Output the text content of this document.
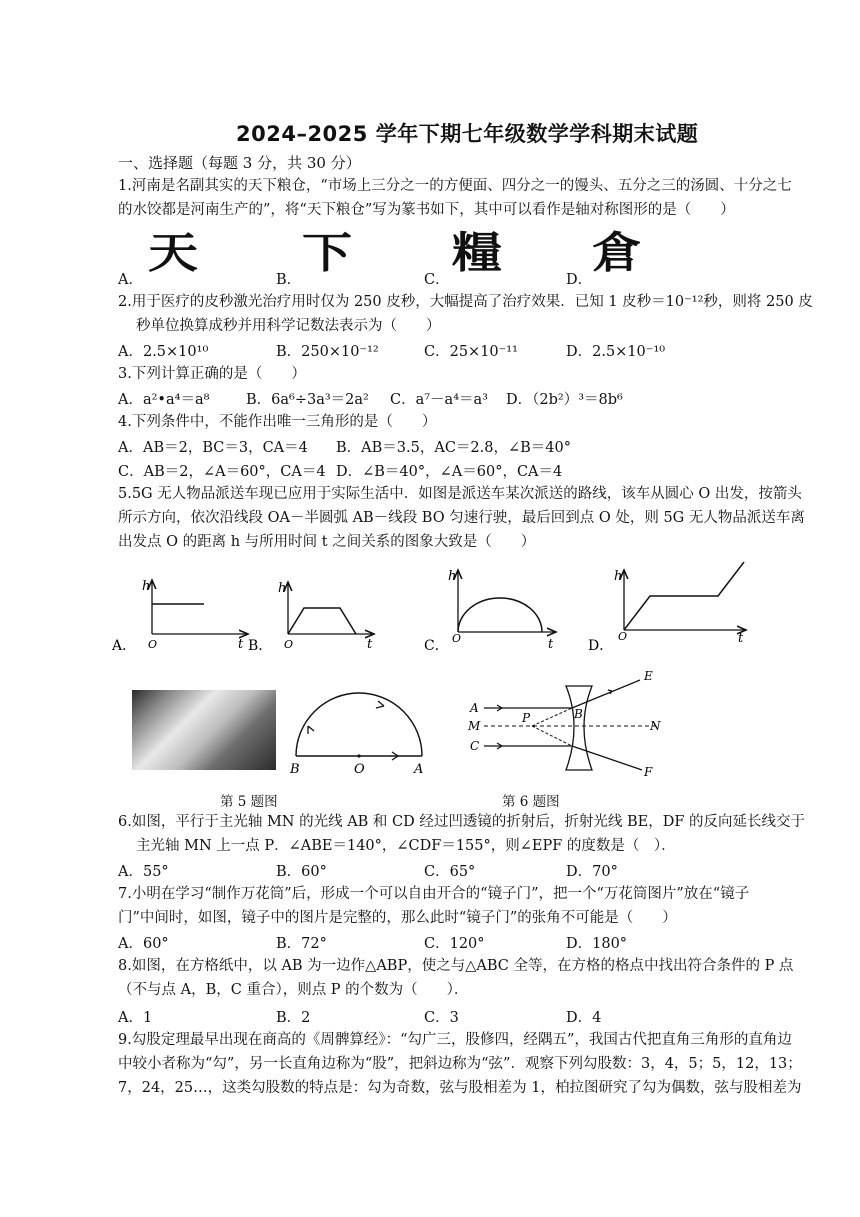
2024–2025 学年下期七年级数学学科期末试题
一、选择题（每题 3 分，共 30 分）
1.河南是名副其实的天下粮仓，“市场上三分之一的方便面、四分之一的馒头、五分之三的汤圆、十分之七
的水饺都是河南生产的”，将“天下粮仓”写为篆书如下，其中可以看作是轴对称图形的是（　　）
A．
天
B．
下
C．
糧
D．
倉
2.用于医疗的皮秒激光治疗用时仅为 250 皮秒，大幅提高了治疗效果．已知 1 皮秒＝10⁻¹²秒，则将 250 皮
秒单位换算成秒并用科学记数法表示为（　　）
A．2.5×10¹⁰	B．250×10⁻¹²	C．25×10⁻¹¹	D．2.5×10⁻¹⁰
3.下列计算正确的是（　　）
A．a²•a⁴＝a⁸	B．6a⁶÷3a³＝2a² C．a⁷－a⁴＝a³ D．（2b²）³＝8b⁶
4.下列条件中，不能作出唯一三角形的是（　　）
A．AB＝2，BC＝3，CA＝4 B．AB＝3.5，AC＝2.8，∠B＝40°
C．AB＝2，∠A＝60°，CA＝4 D．∠B＝40°，∠A＝60°，CA＝4
5.5G 无人物品派送车现已应用于实际生活中．如图是派送车某次派送的路线，该车从圆心 O 出发，按箭头
所示方向，依次沿线段 OA－半圆弧 AB－线段 BO 匀速行驶，最后回到点 O 处，则 5G 无人物品派送车离
出发点 O 的距离 h 与所用时间 t 之间关系的图象大致是（　　）
h
O	t
A．
h
O	t
B．
h
O	t
C．
h
O	t
D．
B	O	A
第 5 题图
A
M
C
P	B
E
N
F
第 6 题图
6.如图，平行于主光轴 MN 的光线 AB 和 CD 经过凹透镜的折射后，折射光线 BE，DF 的反向延长线交于
主光轴 MN 上一点 P．∠ABE＝140°，∠CDF＝155°，则∠EPF 的度数是（　）．
A．55°	B．60°	C．65°	D．70°
7.小明在学习“制作万花筒”后，形成一个可以自由开合的“镜子门”，把一个“万花筒图片”放在“镜子
门”中间时，如图，镜子中的图片是完整的，那么此时“镜子门”的张角不可能是（　　）
A．60°	B．72°	C．120°	D．180°
8.如图，在方格纸中，以 AB 为一边作△ABP，使之与△ABC 全等，在方格的格点中找出符合条件的 P 点
（不与点 A，B，C 重合），则点 P 的个数为（　　）．
A．1	B．2	C．3	D．4
9.勾股定理最早出现在商高的《周髀算经》：“勾广三，股修四，经隅五”，我国古代把直角三角形的直角边
中较小者称为“勾”，另一长直角边称为“股”，把斜边称为“弦”．观察下列勾股数：3，4，5；5，12，13；
7，24，25…，这类勾股数的特点是：勾为奇数，弦与股相差为 1，柏拉图研究了勾为偶数，弦与股相差为
